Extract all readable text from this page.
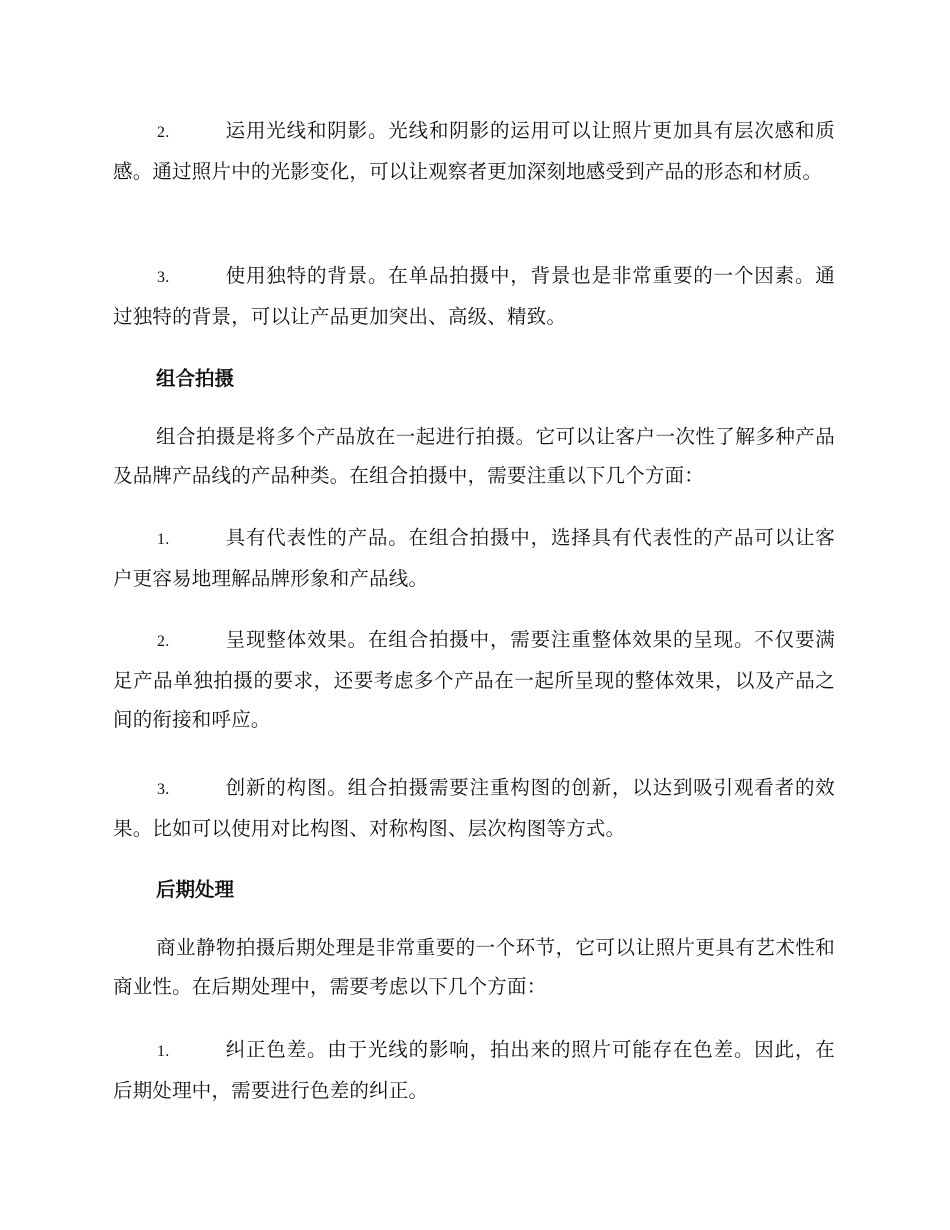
2.	运用光线和阴影。光线和阴影的运用可以让照片更加具有层次感和质感。通过照片中的光影变化，可以让观察者更加深刻地感受到产品的形态和材质。

3.	使用独特的背景。在单品拍摄中，背景也是非常重要的一个因素。通过独特的背景，可以让产品更加突出、高级、精致。

组合拍摄

组合拍摄是将多个产品放在一起进行拍摄。它可以让客户一次性了解多种产品及品牌产品线的产品种类。在组合拍摄中，需要注重以下几个方面：

1.	具有代表性的产品。在组合拍摄中，选择具有代表性的产品可以让客户更容易地理解品牌形象和产品线。

2.	呈现整体效果。在组合拍摄中，需要注重整体效果的呈现。不仅要满足产品单独拍摄的要求，还要考虑多个产品在一起所呈现的整体效果，以及产品之间的衔接和呼应。

3.	创新的构图。组合拍摄需要注重构图的创新，以达到吸引观看者的效果。比如可以使用对比构图、对称构图、层次构图等方式。

后期处理

商业静物拍摄后期处理是非常重要的一个环节，它可以让照片更具有艺术性和商业性。在后期处理中，需要考虑以下几个方面：

1.	纠正色差。由于光线的影响，拍出来的照片可能存在色差。因此，在后期处理中，需要进行色差的纠正。
